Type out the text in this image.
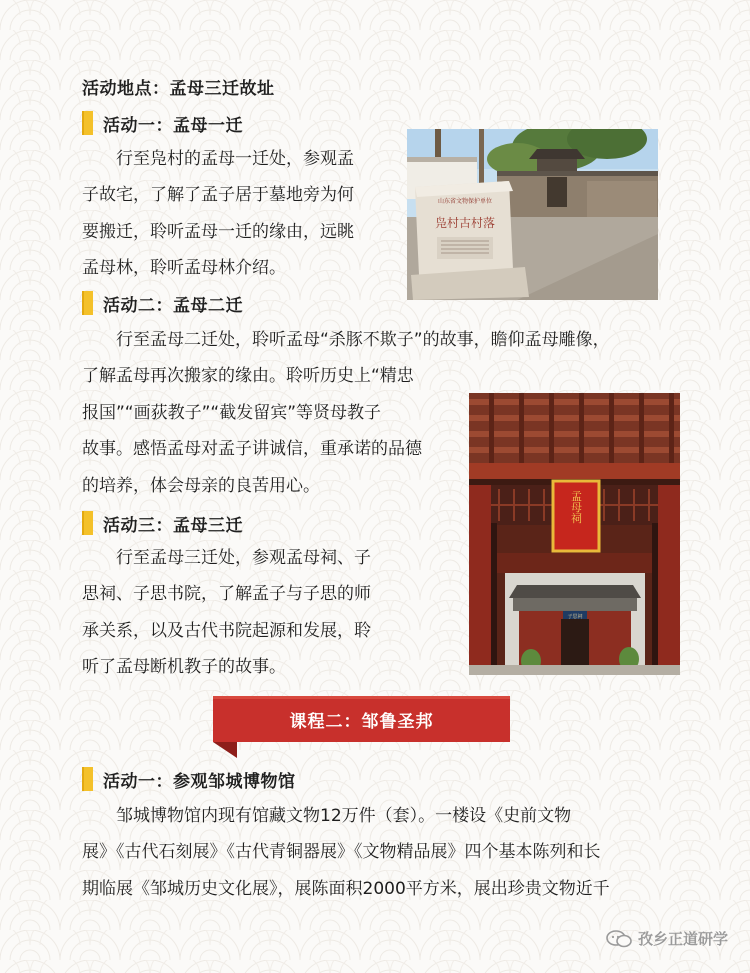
活动地点：孟母三迁故址
活动一：孟母一迁
行至凫村的孟母一迁处，参观孟
子故宅，了解了孟子居于墓地旁为何
要搬迁，聆听孟母一迁的缘由，远眺
孟母林，聆听孟母林介绍。
山东省文物保护单位
凫村古村落
活动二：孟母二迁
行至孟母二迁处，聆听孟母“杀豚不欺子”的故事，瞻仰孟母雕像，
了解孟母再次搬家的缘由。聆听历史上“精忠
报国”“画荻教子”“截发留宾”等贤母教子
故事。感悟孟母对孟子讲诚信，重承诺的品德
的培养，体会母亲的良苦用心。
孟母祠
子思祠
活动三：孟母三迁
行至孟母三迁处，参观孟母祠、子
思祠、子思书院，了解孟子与子思的师
承关系，以及古代书院起源和发展，聆
听了孟母断机教子的故事。
课程二：邹鲁圣邦
活动一：参观邹城博物馆
邹城博物馆内现有馆藏文物12万件（套）。一楼设《史前文物
展》《古代石刻展》《古代青铜器展》《文物精品展》四个基本陈列和长
期临展《邹城历史文化展》，展陈面积2000平方米，展出珍贵文物近千
孜乡正道研学
